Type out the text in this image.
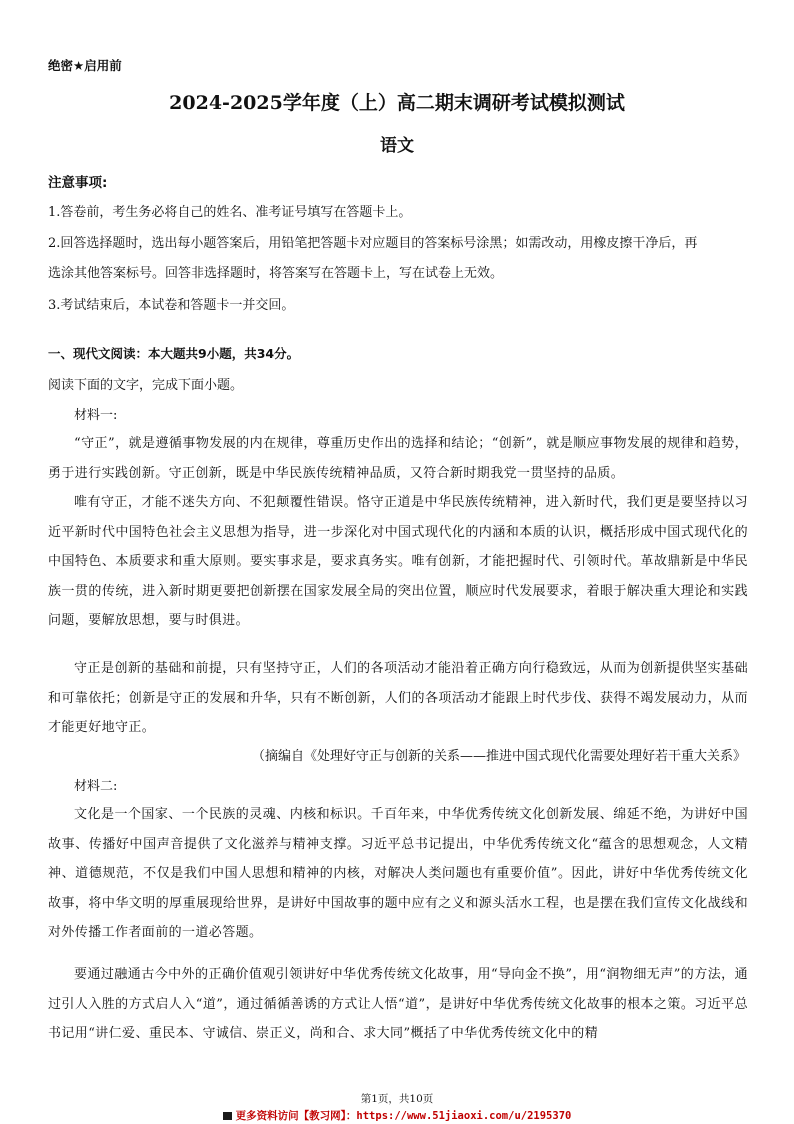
绝密★启用前
2024-2025学年度（上）高二期末调研考试模拟测试
语文
注意事项:
1.答卷前，考生务必将自己的姓名、准考证号填写在答题卡上。
2.回答选择题时，选出每小题答案后，用铅笔把答题卡对应题目的答案标号涂黑；如需改动，用橡皮擦干净后，再
选涂其他答案标号。回答非选择题时，将答案写在答题卡上，写在试卷上无效。
3.考试结束后，本试卷和答题卡一并交回。
一、现代文阅读：本大题共9小题，共34分。
阅读下面的文字，完成下面小题。
材料一:

“守正”，就是遵循事物发展的内在规律，尊重历史作出的选择和结论；“创新”，就是顺应事物发展的规律和趋势，勇于进行实践创新。守正创新，既是中华民族传统精神品质，又符合新时期我党一贯坚持的品质。

唯有守正，才能不迷失方向、不犯颠覆性错误。恪守正道是中华民族传统精神，进入新时代，我们更是要坚持以习近平新时代中国特色社会主义思想为指导，进一步深化对中国式现代化的内涵和本质的认识，概括形成中国式现代化的中国特色、本质要求和重大原则。要实事求是，要求真务实。唯有创新，才能把握时代、引领时代。革故鼎新是中华民族一贯的传统，进入新时期更要把创新摆在国家发展全局的突出位置，顺应时代发展要求，着眼于解决重大理论和实践问题，要解放思想，要与时俱进。

守正是创新的基础和前提，只有坚持守正，人们的各项活动才能沿着正确方向行稳致远，从而为创新提供坚实基础和可靠依托；创新是守正的发展和升华，只有不断创新，人们的各项活动才能跟上时代步伐、获得不竭发展动力，从而才能更好地守正。

（摘编自《处理好守正与创新的关系——推进中国式现代化需要处理好若干重大关系》
材料二:

文化是一个国家、一个民族的灵魂、内核和标识。千百年来，中华优秀传统文化创新发展、绵延不绝，为讲好中国故事、传播好中国声音提供了文化滋养与精神支撑。习近平总书记提出，中华优秀传统文化“蕴含的思想观念，人文精神、道德规范，不仅是我们中国人思想和精神的内核，对解决人类问题也有重要价值”。因此，讲好中华优秀传统文化故事，将中华文明的厚重展现给世界，是讲好中国故事的题中应有之义和源头活水工程，也是摆在我们宣传文化战线和对外传播工作者面前的一道必答题。

要通过融通古今中外的正确价值观引领讲好中华优秀传统文化故事，用“导向金不换”，用“润物细无声”的方法，通过引人入胜的方式启人入“道”，通过循循善诱的方式让人悟“道”，是讲好中华优秀传统文化故事的根本之策。习近平总书记用“讲仁爱、重民本、守诚信、崇正义，尚和合、求大同”概括了中华优秀传统文化中的精

第1页，共10页
更多资料访问【教习网】：https://www.51jiaoxi.com/u/2195370
